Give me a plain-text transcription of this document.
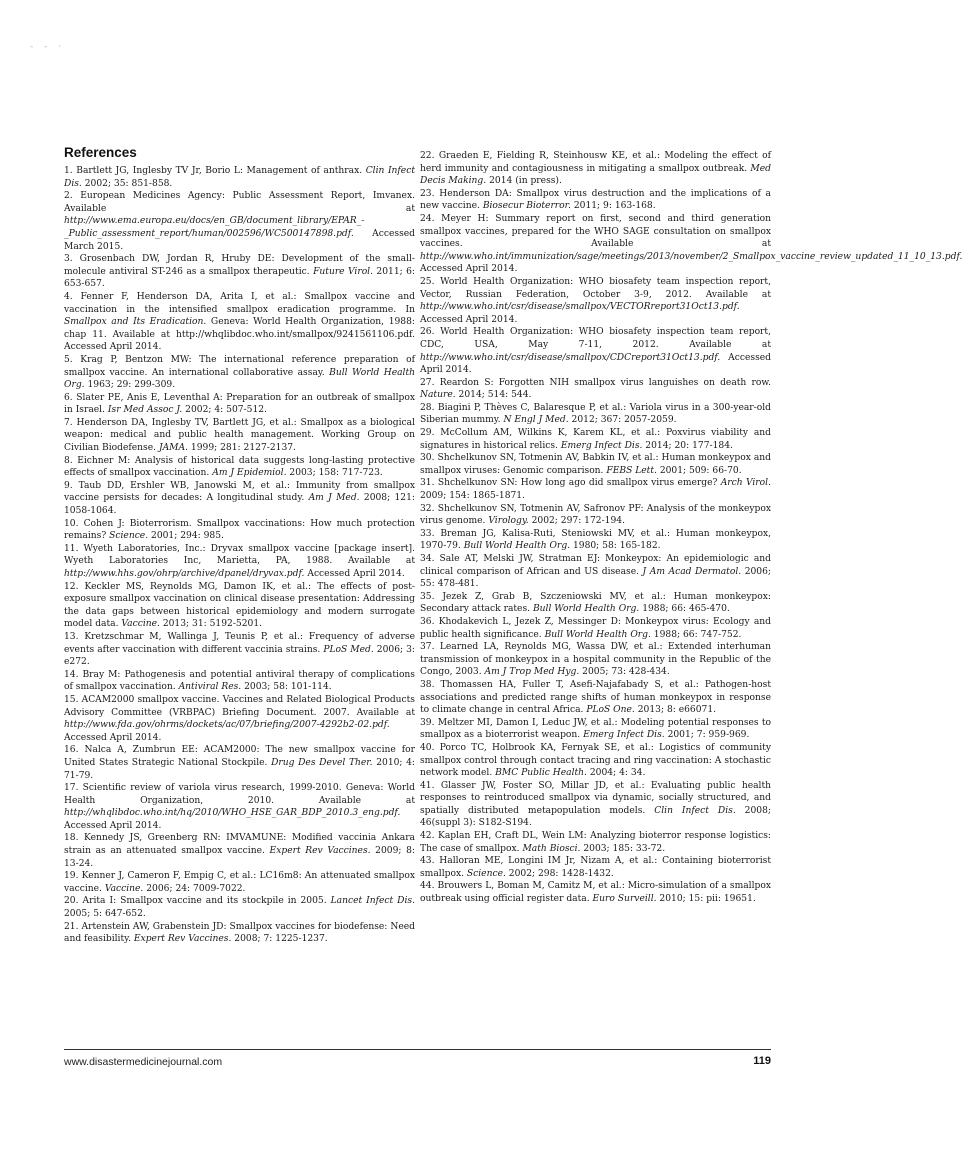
- - ·
References

1. Bartlett JG, Inglesby TV Jr, Borio L: Management of anthrax. Clin Infect Dis. 2002; 35: 851-858.

2. European Medicines Agency: Public Assessment Report, Imvanex. Available at http://www.ema.europa.eu/docs/en_GB/document_library/EPAR_-_Public_assessment_report/human/002596/WC500147898.pdf. Accessed March 2015.

3. Grosenbach DW, Jordan R, Hruby DE: Development of the small-molecule antiviral ST-246 as a smallpox therapeutic. Future Virol. 2011; 6: 653-657.

4. Fenner F, Henderson DA, Arita I, et al.: Smallpox vaccine and vaccination in the intensified smallpox eradication programme. In Smallpox and Its Eradication. Geneva: World Health Organization, 1988: chap 11. Available at http://whqlibdoc.who.int/smallpox/9241561106.pdf. Accessed April 2014.

5. Krag P, Bentzon MW: The international reference preparation of smallpox vaccine. An international collaborative assay. Bull World Health Org. 1963; 29: 299-309.

6. Slater PE, Anis E, Leventhal A: Preparation for an outbreak of smallpox in Israel. Isr Med Assoc J. 2002; 4: 507-512.

7. Henderson DA, Inglesby TV, Bartlett JG, et al.: Smallpox as a biological weapon: medical and public health management. Working Group on Civilian Biodefense. JAMA. 1999; 281: 2127-2137.

8. Eichner M: Analysis of historical data suggests long-lasting protective effects of smallpox vaccination. Am J Epidemiol. 2003; 158: 717-723.

9. Taub DD, Ershler WB, Janowski M, et al.: Immunity from smallpox vaccine persists for decades: A longitudinal study. Am J Med. 2008; 121: 1058-1064.

10. Cohen J: Bioterrorism. Smallpox vaccinations: How much protection remains? Science. 2001; 294: 985.

11. Wyeth Laboratories, Inc.: Dryvax smallpox vaccine [package insert]. Wyeth Laboratories Inc, Marietta, PA, 1988. Available at http://www.hhs.gov/ohrp/archive/dpanel/dryvax.pdf. Accessed April 2014.

12. Keckler MS, Reynolds MG, Damon IK, et al.: The effects of post-exposure smallpox vaccination on clinical disease presentation: Addressing the data gaps between historical epidemiology and modern surrogate model data. Vaccine. 2013; 31: 5192-5201.

13. Kretzschmar M, Wallinga J, Teunis P, et al.: Frequency of adverse events after vaccination with different vaccinia strains. PLoS Med. 2006; 3: e272.

14. Bray M: Pathogenesis and potential antiviral therapy of complications of smallpox vaccination. Antiviral Res. 2003; 58: 101-114.

15. ACAM2000 smallpox vaccine. Vaccines and Related Biological Products Advisory Committee (VRBPAC) Briefing Document. 2007. Available at http://www.fda.gov/ohrms/dockets/ac/07/briefing/2007-4292b2-02.pdf. Accessed April 2014.

16. Nalca A, Zumbrun EE: ACAM2000: The new smallpox vaccine for United States Strategic National Stockpile. Drug Des Devel Ther. 2010; 4: 71-79.

17. Scientific review of variola virus research, 1999-2010. Geneva: World Health Organization, 2010. Available at http://whqlibdoc.who.int/hq/2010/WHO_HSE_GAR_BDP_2010.3_eng.pdf. Accessed April 2014.

18. Kennedy JS, Greenberg RN: IMVAMUNE: Modified vaccinia Ankara strain as an attenuated smallpox vaccine. Expert Rev Vaccines. 2009; 8: 13-24.

19. Kenner J, Cameron F, Empig C, et al.: LC16m8: An attenuated smallpox vaccine. Vaccine. 2006; 24: 7009-7022.

20. Arita I: Smallpox vaccine and its stockpile in 2005. Lancet Infect Dis. 2005; 5: 647-652.

21. Artenstein AW, Grabenstein JD: Smallpox vaccines for biodefense: Need and feasibility. Expert Rev Vaccines. 2008; 7: 1225-1237.

22. Graeden E, Fielding R, Steinhousw KE, et al.: Modeling the effect of herd immunity and contagiousness in mitigating a smallpox outbreak. Med Decis Making. 2014 (in press).

23. Henderson DA: Smallpox virus destruction and the implications of a new vaccine. Biosecur Bioterror. 2011; 9: 163-168.

24. Meyer H: Summary report on first, second and third generation smallpox vaccines, prepared for the WHO SAGE consultation on smallpox vaccines. Available at http://www.who.int/immunization/sage/meetings/2013/november/2_Smallpox_vaccine_review_updated_11_10_13.pdf. Accessed April 2014.

25. World Health Organization: WHO biosafety team inspection report, Vector, Russian Federation, October 3-9, 2012. Available at http://www.who.int/csr/disease/smallpox/VECTORreport31Oct13.pdf. Accessed April 2014.

26. World Health Organization: WHO biosafety inspection team report, CDC, USA, May 7-11, 2012. Available at http://www.who.int/csr/disease/smallpox/CDCreport31Oct13.pdf. Accessed April 2014.

27. Reardon S: Forgotten NIH smallpox virus languishes on death row. Nature. 2014; 514: 544.

28. Biagini P, Thèves C, Balaresque P, et al.: Variola virus in a 300-year-old Siberian mummy. N Engl J Med. 2012; 367: 2057-2059.

29. McCollum AM, Wilkins K, Karem KL, et al.: Poxvirus viability and signatures in historical relics. Emerg Infect Dis. 2014; 20: 177-184.

30. Shchelkunov SN, Totmenin AV, Babkin IV, et al.: Human monkeypox and smallpox viruses: Genomic comparison. FEBS Lett. 2001; 509: 66-70.

31. Shchelkunov SN: How long ago did smallpox virus emerge? Arch Virol. 2009; 154: 1865-1871.

32. Shchelkunov SN, Totmenin AV, Safronov PF: Analysis of the monkeypox virus genome. Virology. 2002; 297: 172-194.

33. Breman JG, Kalisa-Ruti, Steniowski MV, et al.: Human monkeypox, 1970-79. Bull World Health Org. 1980; 58: 165-182.

34. Sale AT, Melski JW, Stratman EJ: Monkeypox: An epidemiologic and clinical comparison of African and US disease. J Am Acad Dermatol. 2006; 55: 478-481.

35. Jezek Z, Grab B, Szczeniowski MV, et al.: Human monkeypox: Secondary attack rates. Bull World Health Org. 1988; 66: 465-470.

36. Khodakevich L, Jezek Z, Messinger D: Monkeypox virus: Ecology and public health significance. Bull World Health Org. 1988; 66: 747-752.

37. Learned LA, Reynolds MG, Wassa DW, et al.: Extended interhuman transmission of monkeypox in a hospital community in the Republic of the Congo, 2003. Am J Trop Med Hyg. 2005; 73: 428-434.

38. Thomassen HA, Fuller T, Asefi-Najafabady S, et al.: Pathogen-host associations and predicted range shifts of human monkeypox in response to climate change in central Africa. PLoS One. 2013; 8: e66071.

39. Meltzer MI, Damon I, Leduc JW, et al.: Modeling potential responses to smallpox as a bioterrorist weapon. Emerg Infect Dis. 2001; 7: 959-969.

40. Porco TC, Holbrook KA, Fernyak SE, et al.: Logistics of community smallpox control through contact tracing and ring vaccination: A stochastic network model. BMC Public Health. 2004; 4: 34.

41. Glasser JW, Foster SO, Millar JD, et al.: Evaluating public health responses to reintroduced smallpox via dynamic, socially structured, and spatially distributed metapopulation models. Clin Infect Dis. 2008; 46(suppl 3): S182-S194.

42. Kaplan EH, Craft DL, Wein LM: Analyzing bioterror response logistics: The case of smallpox. Math Biosci. 2003; 185: 33-72.

43. Halloran ME, Longini IM Jr, Nizam A, et al.: Containing bioterrorist smallpox. Science. 2002; 298: 1428-1432.

44. Brouwers L, Boman M, Camitz M, et al.: Micro-simulation of a smallpox outbreak using official register data. Euro Surveill. 2010; 15: pii: 19651.

www.disastermedicinejournal.com	119
